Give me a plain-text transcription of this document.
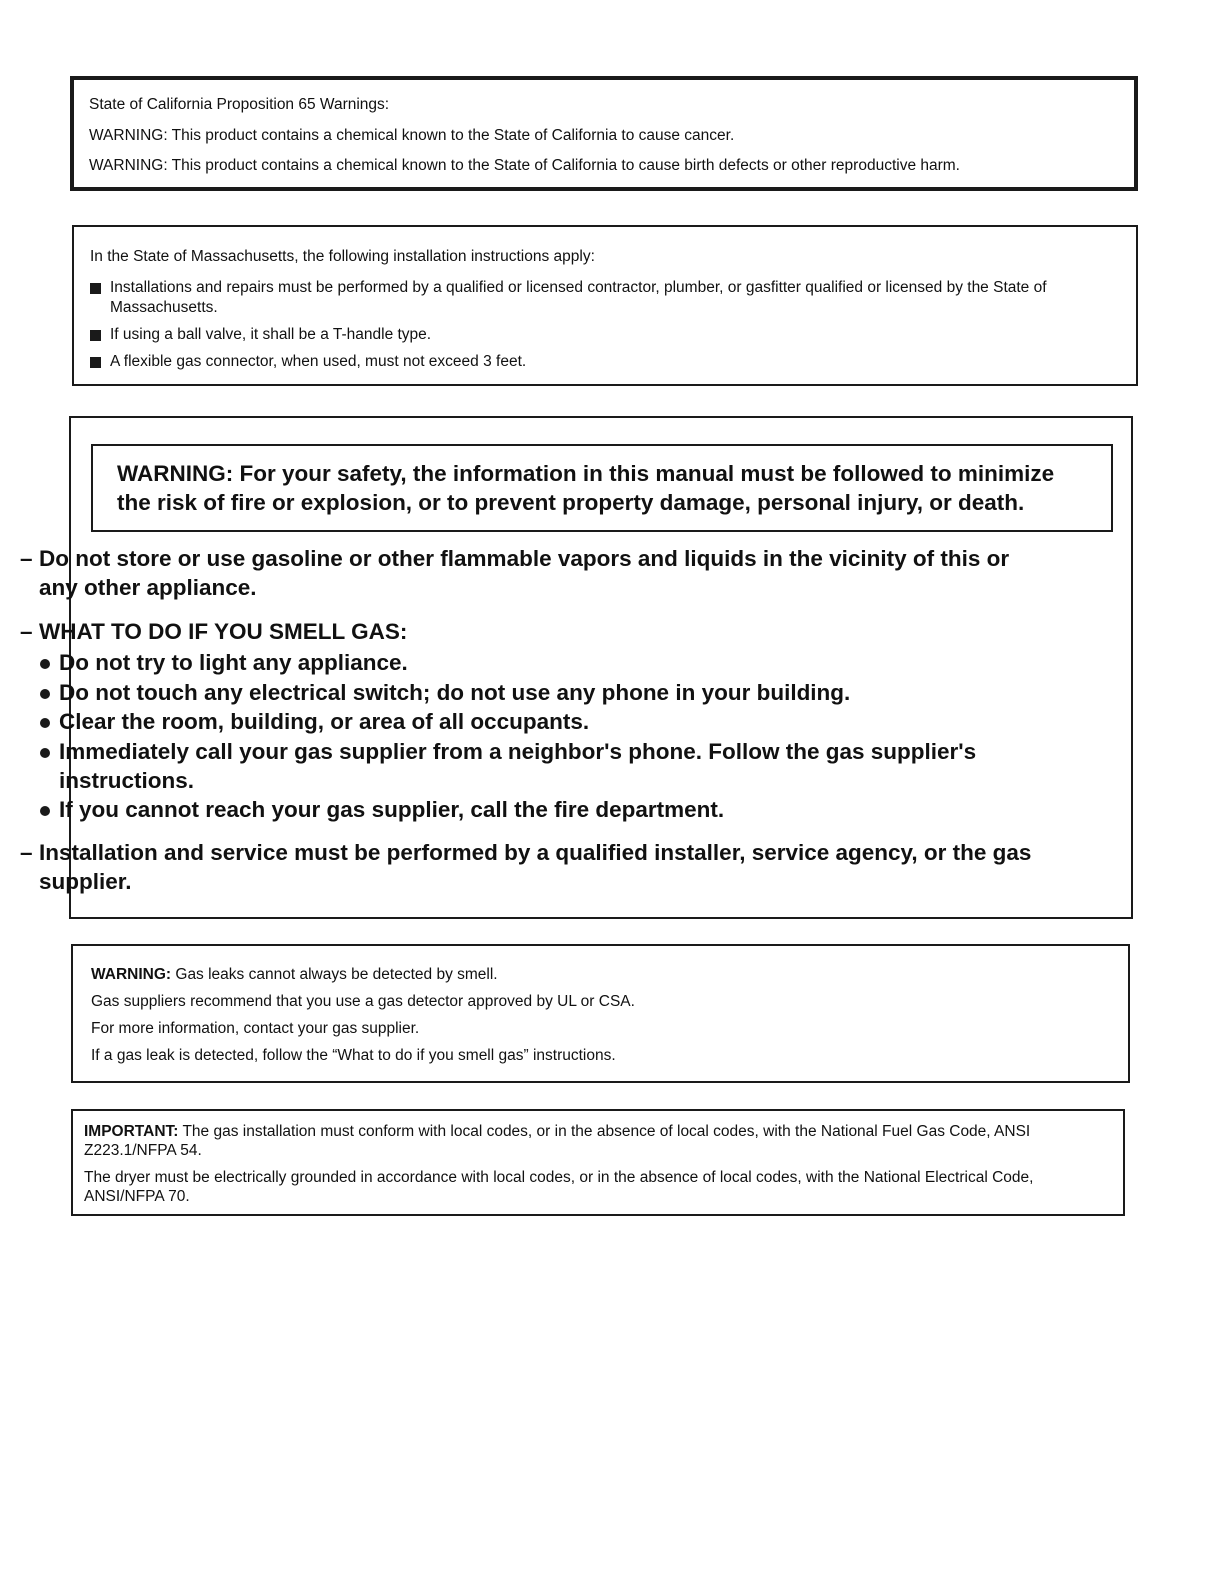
State of California Proposition 65 Warnings:

WARNING: This product contains a chemical known to the State of California to cause cancer.

WARNING: This product contains a chemical known to the State of California to cause birth defects or other reproductive harm.

In the State of Massachusetts, the following installation instructions apply:

Installations and repairs must be performed by a qualified or licensed contractor, plumber, or gasfitter qualified or licensed by the State of Massachusetts.
If using a ball valve, it shall be a T-handle type.
A flexible gas connector, when used, must not exceed 3 feet.

WARNING: For your safety, the information in this manual must be followed to minimize

the risk of fire or explosion, or to prevent property damage, personal injury, or death.

– Do not store or use gasoline or other flammable vapors and liquids in the vicinity of this or any other appliance.
– WHAT TO DO IF YOU SMELL GAS:
Do not try to light any appliance.
Do not touch any electrical switch; do not use any phone in your building.
Clear the room, building, or area of all occupants.
Immediately call your gas supplier from a neighbor's phone. Follow the gas supplier's instructions.
If you cannot reach your gas supplier, call the fire department.
– Installation and service must be performed by a qualified installer, service agency, or the gas supplier.

WARNING: Gas leaks cannot always be detected by smell.

Gas suppliers recommend that you use a gas detector approved by UL or CSA.

For more information, contact your gas supplier.

If a gas leak is detected, follow the “What to do if you smell gas” instructions.

IMPORTANT: The gas installation must conform with local codes, or in the absence of local codes, with the National Fuel Gas Code, ANSI Z223.1/NFPA 54.

The dryer must be electrically grounded in accordance with local codes, or in the absence of local codes, with the National Electrical Code, ANSI/NFPA 70.
